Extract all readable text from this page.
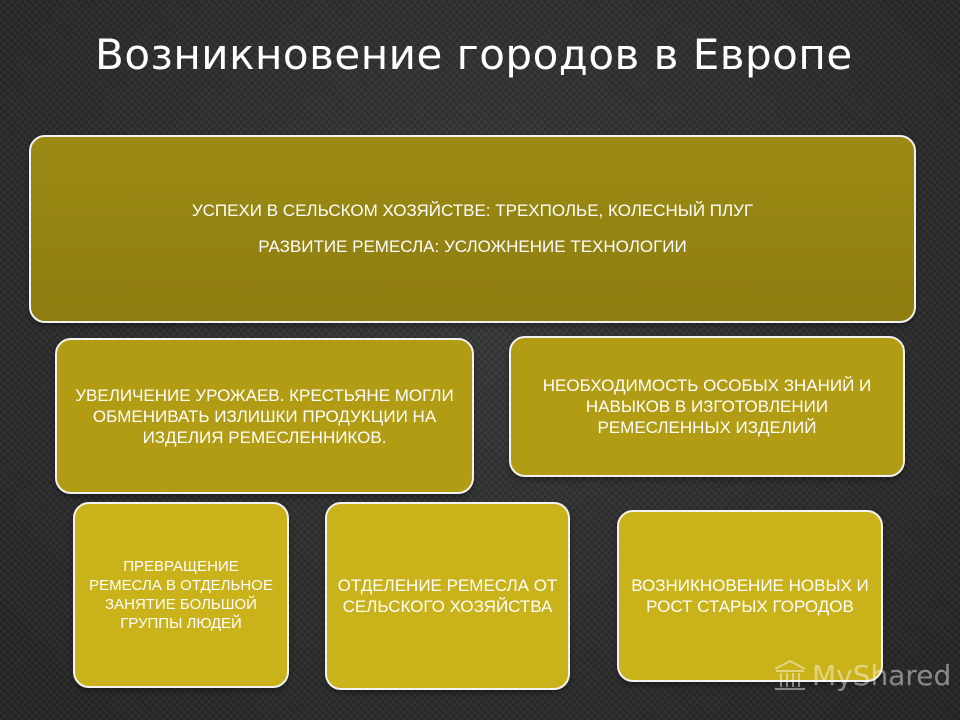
Возникновение городов в Европе
УСПЕХИ В СЕЛЬСКОМ ХОЗЯЙСТВЕ: ТРЕХПОЛЬЕ, КОЛЕСНЫЙ ПЛУГ
РАЗВИТИЕ РЕМЕСЛА: УСЛОЖНЕНИЕ ТЕХНОЛОГИИ
УВЕЛИЧЕНИЕ УРОЖАЕВ. КРЕСТЬЯНЕ МОГЛИ ОБМЕНИВАТЬ ИЗЛИШКИ ПРОДУКЦИИ НА ИЗДЕЛИЯ РЕМЕСЛЕННИКОВ.
НЕОБХОДИМОСТЬ ОСОБЫХ ЗНАНИЙ И НАВЫКОВ В ИЗГОТОВЛЕНИИ РЕМЕСЛЕННЫХ ИЗДЕЛИЙ
ПРЕВРАЩЕНИЕ РЕМЕСЛА В ОТДЕЛЬНОЕ ЗАНЯТИЕ БОЛЬШОЙ ГРУППЫ ЛЮДЕЙ
ОТДЕЛЕНИЕ РЕМЕСЛА ОТ СЕЛЬСКОГО ХОЗЯЙСТВА
ВОЗНИКНОВЕНИЕ НОВЫХ И РОСТ СТАРЫХ ГОРОДОВ
MyShared
